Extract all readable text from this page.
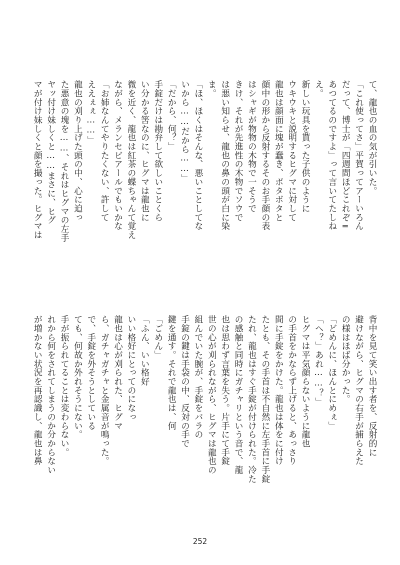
て、龍也の血の気が引いた。
「これ使ってさ」平賀ってアーいろん
だって、博士が「四週間ほどこれぞ=
あつてるのですよ」って言いてたしね
え。
新しい玩具を貰った子供のように
ウキウキと説明するヒグマに対して
龍也は顔面に塊が蠢き、ボタボタと
顔中の形から反射するそのお手顔の表
はシャギが物物の木物で一そうで
きけ、それが先進性の木物でソウで
は悪い知らせ、龍也の鼻の頭が白に染
ま。
「ほ、ほくはそんな、悪いことしてな
いから……だから……」
「だから、何？」
手錠だけは勘弁して欲しいことくら
い分かる筈なのに、ヒグマは龍也に
微を近く、龍也は紅茶の蝶ちゃんて覚え
ながら、メランセビアールでもいかな
「お姉なんてやりたくない、許して
ええぇぇ……」
龍也の刈り上げた頭の中、心に迫っ
た悪意の塊を……、それはヒグマの左手
ヤッ付け妹しくと……まさに、ヒグ
マが付け妹しくと顔を撮った。ヒグマは
背中を見て笑い出す者を、反射的に
避けながら、ヒグマの右手が捕らえた
の様はほば分かった。
「どめんに、ほんとにめぇ」
「へ？」あれ……？」
ヒグマは平気顔らないように龍也
の手首をかならず上げると、あっさり
間に手錠をかけた。龍也は体をに付け
たとも、その手首は不自然に左手首に手錠
たれ、龍也はすぐ手錠が付けられた。冷た
の感触と同時にガチャリという音で、龍
也は思わず言葉を失う。片手にて手錠
世の心が刈られながら、ヒグマは龍也の
組んでいた腕が、手錠をバラの
手錠の鍵は手袋の中、反対の手で
鍵を通す。それで龍也は、何
「ごめん」
「ふん、いい格好
いい格好にとってのになっ
龍也は心が刈られた、ヒグマ
ら、ガチャガチャと金属音が鳴った。
で、手錠を外そうとしている
ても、何故か外れそうにない。
手が振られてることは変わらない。
れから何をされてしまうのか分からない
が増かない状況を再認識し、龍也は鼻
252
